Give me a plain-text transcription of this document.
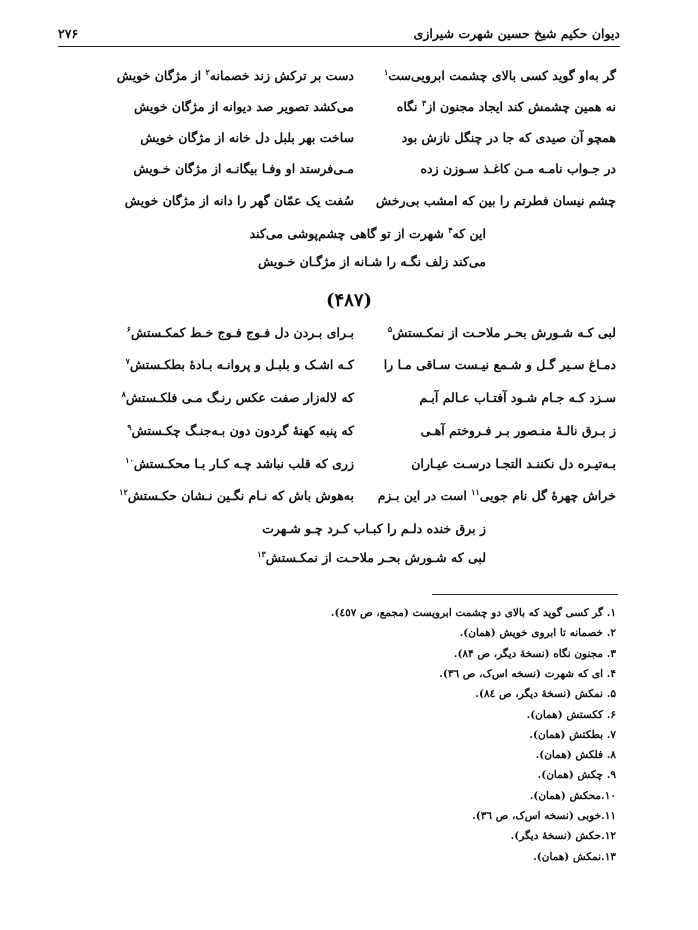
دیوان حکیم شیخ حسین شهرت شیرازی
۲۷۶
گر به‌او گوید کسی بالای چشمت ابرویی‌ست$^۱$
دست بر ترکش زند خصمانه$^۲$ از مژگان خویش
نه همین چشمش کند ایجاد مجنون از$^۳$ نگاه
می‌کشد تصویر صد دیوانه از مژگان خویش
همچو آن صیدی که جا در چنگل نازش بود
ساخت بهر بلبل دل خانه از مژگان خویش
در جـواب نامـه مـن کاغـذ سـوزن زده
مـی‌فرستد او وفـا بیگانـه از مژگان خـویش
چشم نیسان فطرتم را بین که امشب بی‌رخش
سُفت یک عمّان گهر را دانه از مژگان خویش
این که$^۴$ شهرت از تو گاهی چشم‌پوشی می‌کند
می‌کند زلف نگـه را شـانه از مژگـان خـویش
(۴۸۷)
لبی کـه شـورش بحـر ملاحـت از نمکـستش$^۵$
بـرای بـردن دل فـوج فـوج خـط کمکـستش$^۶$
دمـاغ سـیر گـل و شـمع نیـست سـاقی مـا را
کـه اشـک و بلبـل و پروانـه بـادهٔ بطکـستش$^۷$
سـزد کـه جـام شـود آفتـاب عـالم آبـم
که لاله‌زار صفت عکس رنـگ مـی فلکـستش$^۸$
ز بـرق نالـهٔ منـصور بـر فـروختم آهـی
که پنبه کهنهٔ گردون دون بـه‌جنـگ چکـستش$^۹$
بـه‌تیـره دل نکننـد التجـا درسـت عیـاران
زری که قلب نباشد چـه کـار بـا محکـستش$^{۱۰}$
خراش چهرهٔ گل نام جویی$^{۱۱}$ است در این بـزم
به‌هوش باش که نـام نگـین نـشان حکـستش$^{۱۲}$
ز برق خنده دلـم را کبـاب کـرد چـو شـهرت
لبی که شـورش بحـر ملاحـت از نمکـستش$^{۱۳}$
۱. گر کسی گوید که بالای دو چشمت ابرویست (مجمع، ص ٤٥٧).
۲. خصمانه تا ابروی خویش (همان).
۳. مجنون نگاه (نسخهٔ دیگر، ص ۸۴).
۴. ای که شهرت (نسخه اس‌ک، ص ۳٦).
۵. نمکش (نسخهٔ دیگر، ص ۸٤).
۶. ککستش (همان).
۷. بطکتش (همان).
۸. فلکش (همان).
۹. چکش (همان).
۱۰.محکش (همان).
۱۱.خوبی (نسخه اس‌ک، ص ۳٦).
۱۲.حکش (نسخهٔ دیگر).
۱۳.نمکش (همان).
